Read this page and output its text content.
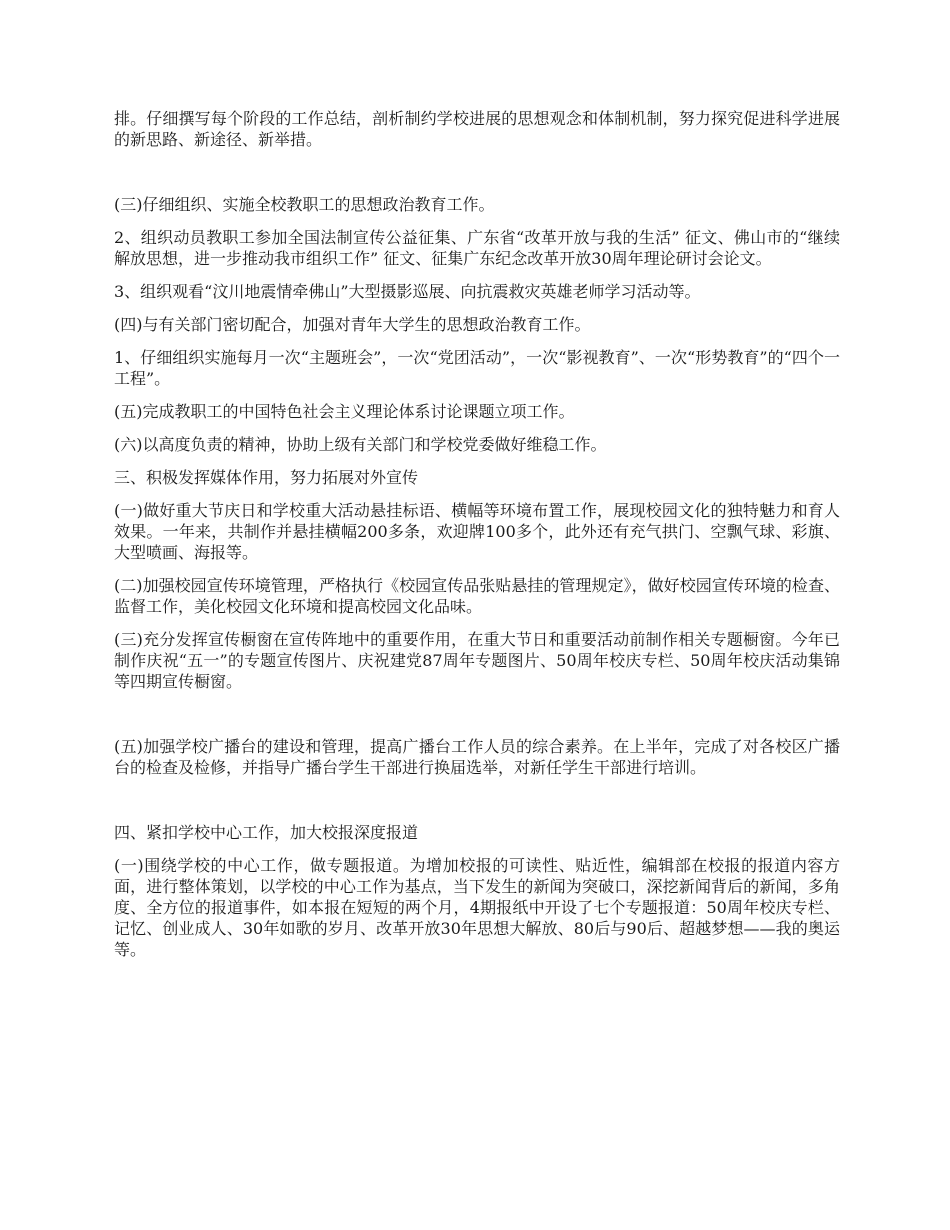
排。仔细撰写每个阶段的工作总结，剖析制约学校进展的思想观念和体制机制，努力探究促进科学进展的新思路、新途径、新举措。

(三)仔细组织、实施全校教职工的思想政治教育工作。

2、组织动员教职工参加全国法制宣传公益征集、广东省“改革开放与我的生活” 征文、佛山市的“继续解放思想，进一步推动我市组织工作” 征文、征集广东纪念改革开放30周年理论研讨会论文。

3、组织观看“汶川地震情牵佛山”大型摄影巡展、向抗震救灾英雄老师学习活动等。

(四)与有关部门密切配合，加强对青年大学生的思想政治教育工作。

1、仔细组织实施每月一次“主题班会”，一次“党团活动”，一次“影视教育”、一次“形势教育”的“四个一工程”。

(五)完成教职工的中国特色社会主义理论体系讨论课题立项工作。

(六)以高度负责的精神，协助上级有关部门和学校党委做好维稳工作。

三、积极发挥媒体作用，努力拓展对外宣传

(一)做好重大节庆日和学校重大活动悬挂标语、横幅等环境布置工作，展现校园文化的独特魅力和育人效果。一年来，共制作并悬挂横幅200多条，欢迎牌100多个，此外还有充气拱门、空飘气球、彩旗、大型喷画、海报等。

(二)加强校园宣传环境管理，严格执行《校园宣传品张贴悬挂的管理规定》，做好校园宣传环境的检查、监督工作，美化校园文化环境和提高校园文化品味。

(三)充分发挥宣传橱窗在宣传阵地中的重要作用，在重大节日和重要活动前制作相关专题橱窗。今年已制作庆祝“五一”的专题宣传图片、庆祝建党87周年专题图片、50周年校庆专栏、50周年校庆活动集锦等四期宣传橱窗。

(五)加强学校广播台的建设和管理，提高广播台工作人员的综合素养。在上半年，完成了对各校区广播台的检查及检修，并指导广播台学生干部进行换届选举，对新任学生干部进行培训。

四、紧扣学校中心工作，加大校报深度报道

(一)围绕学校的中心工作，做专题报道。为增加校报的可读性、贴近性，编辑部在校报的报道内容方面，进行整体策划，以学校的中心工作为基点，当下发生的新闻为突破口，深挖新闻背后的新闻，多角度、全方位的报道事件，如本报在短短的两个月，4期报纸中开设了七个专题报道：50周年校庆专栏、记忆、创业成人、30年如歌的岁月、改革开放30年思想大解放、80后与90后、超越梦想——我的奥运等。
